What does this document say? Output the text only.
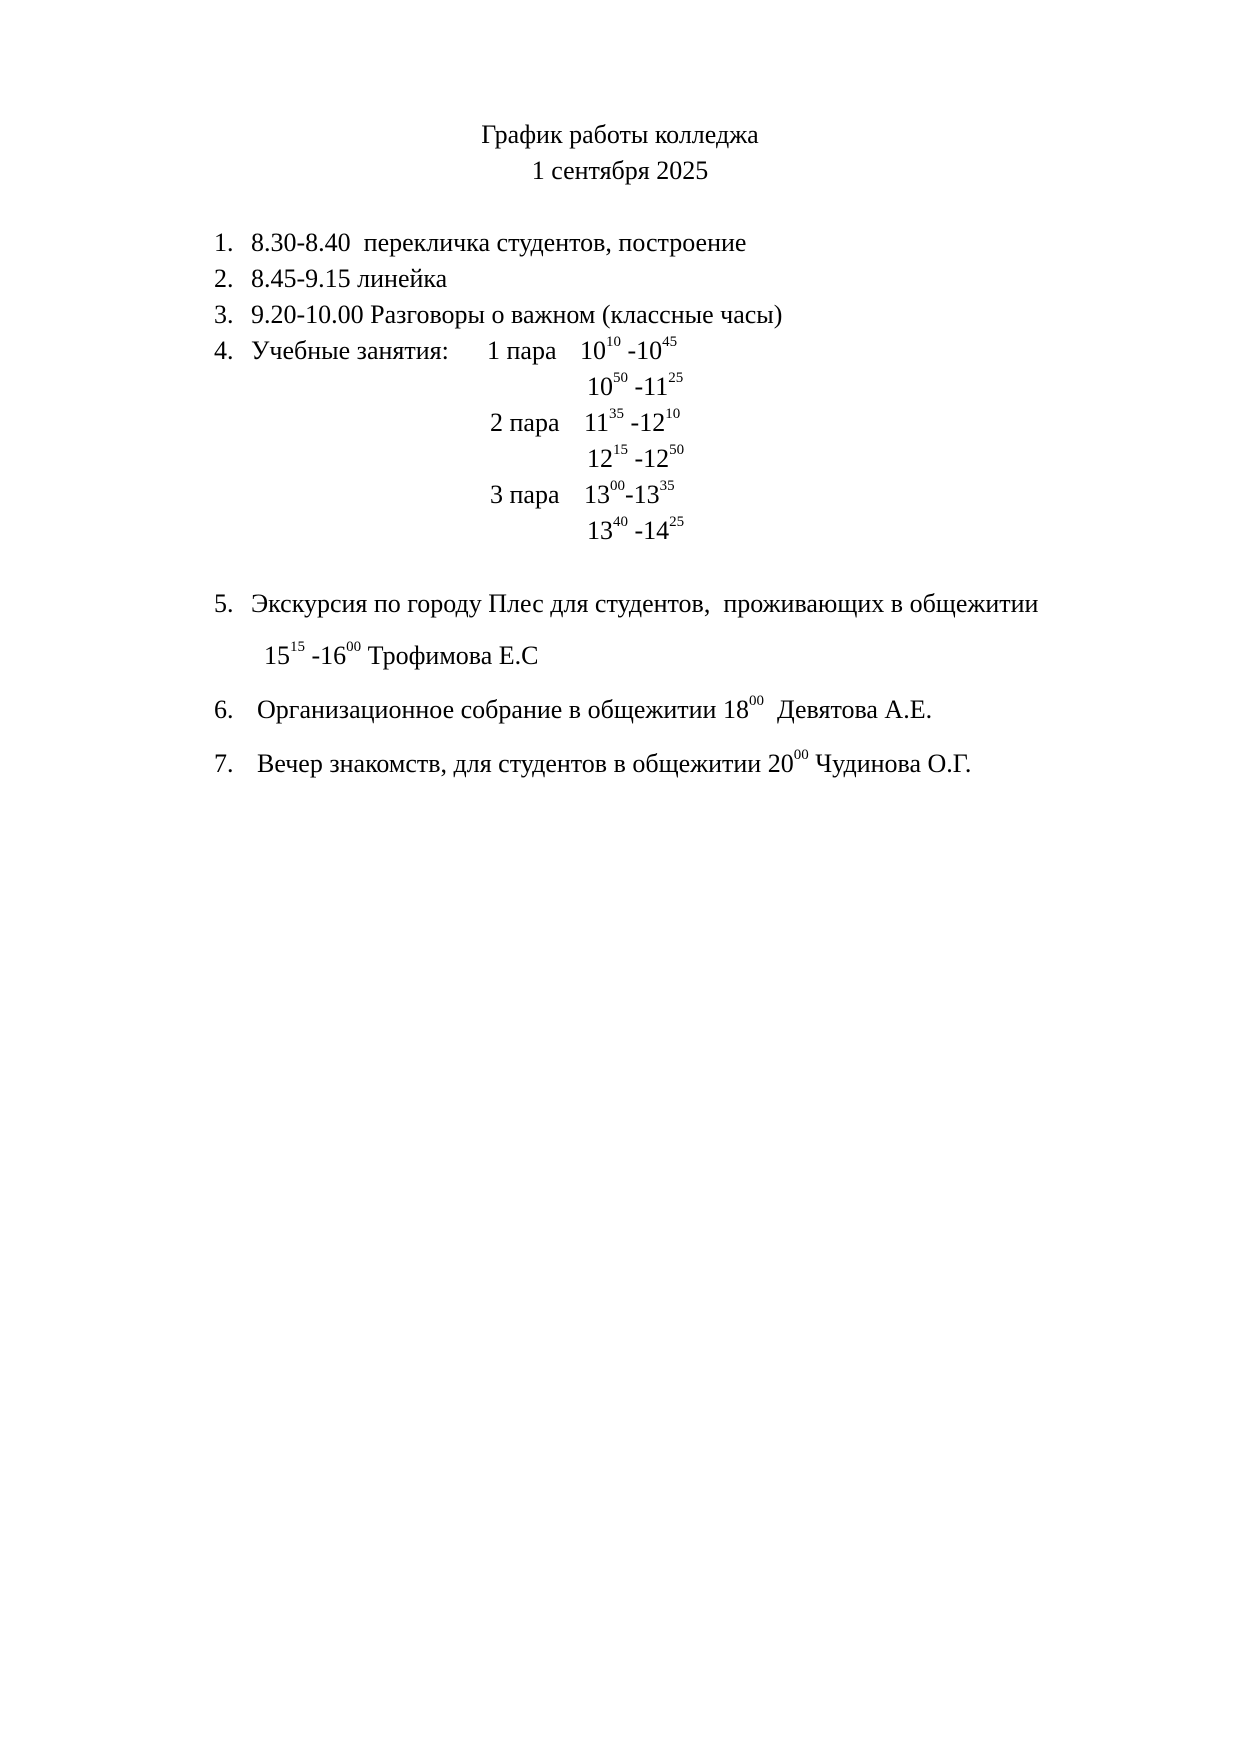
График работы колледжа
1 сентября 2025
1. 8.30-8.40  перекличка студентов, построение
2. 8.45-9.15 линейка
3. 9.20-10.00 Разговоры о важном (классные часы)
4. Учебные занятия: 1 пара $10^{10}$ $-10^{45}$
$10^{50}$ $-11^{25}$
2 пара $11^{35}$ $-12^{10}$
$12^{15}$ $-12^{50}$
3 пара $13^{00}-13^{35}$
$13^{40}$ $-14^{25}$
5. Экскурсия по городу Плес для студентов,  проживающих в общежитии
$15^{15}$ $-16^{00}$ Трофимова Е.С
6. Организационное собрание в общежитии $18^{00}$ Девятова А.Е.
7. Вечер знакомств, для студентов в общежитии $20^{00}$ Чудинова О.Г.
